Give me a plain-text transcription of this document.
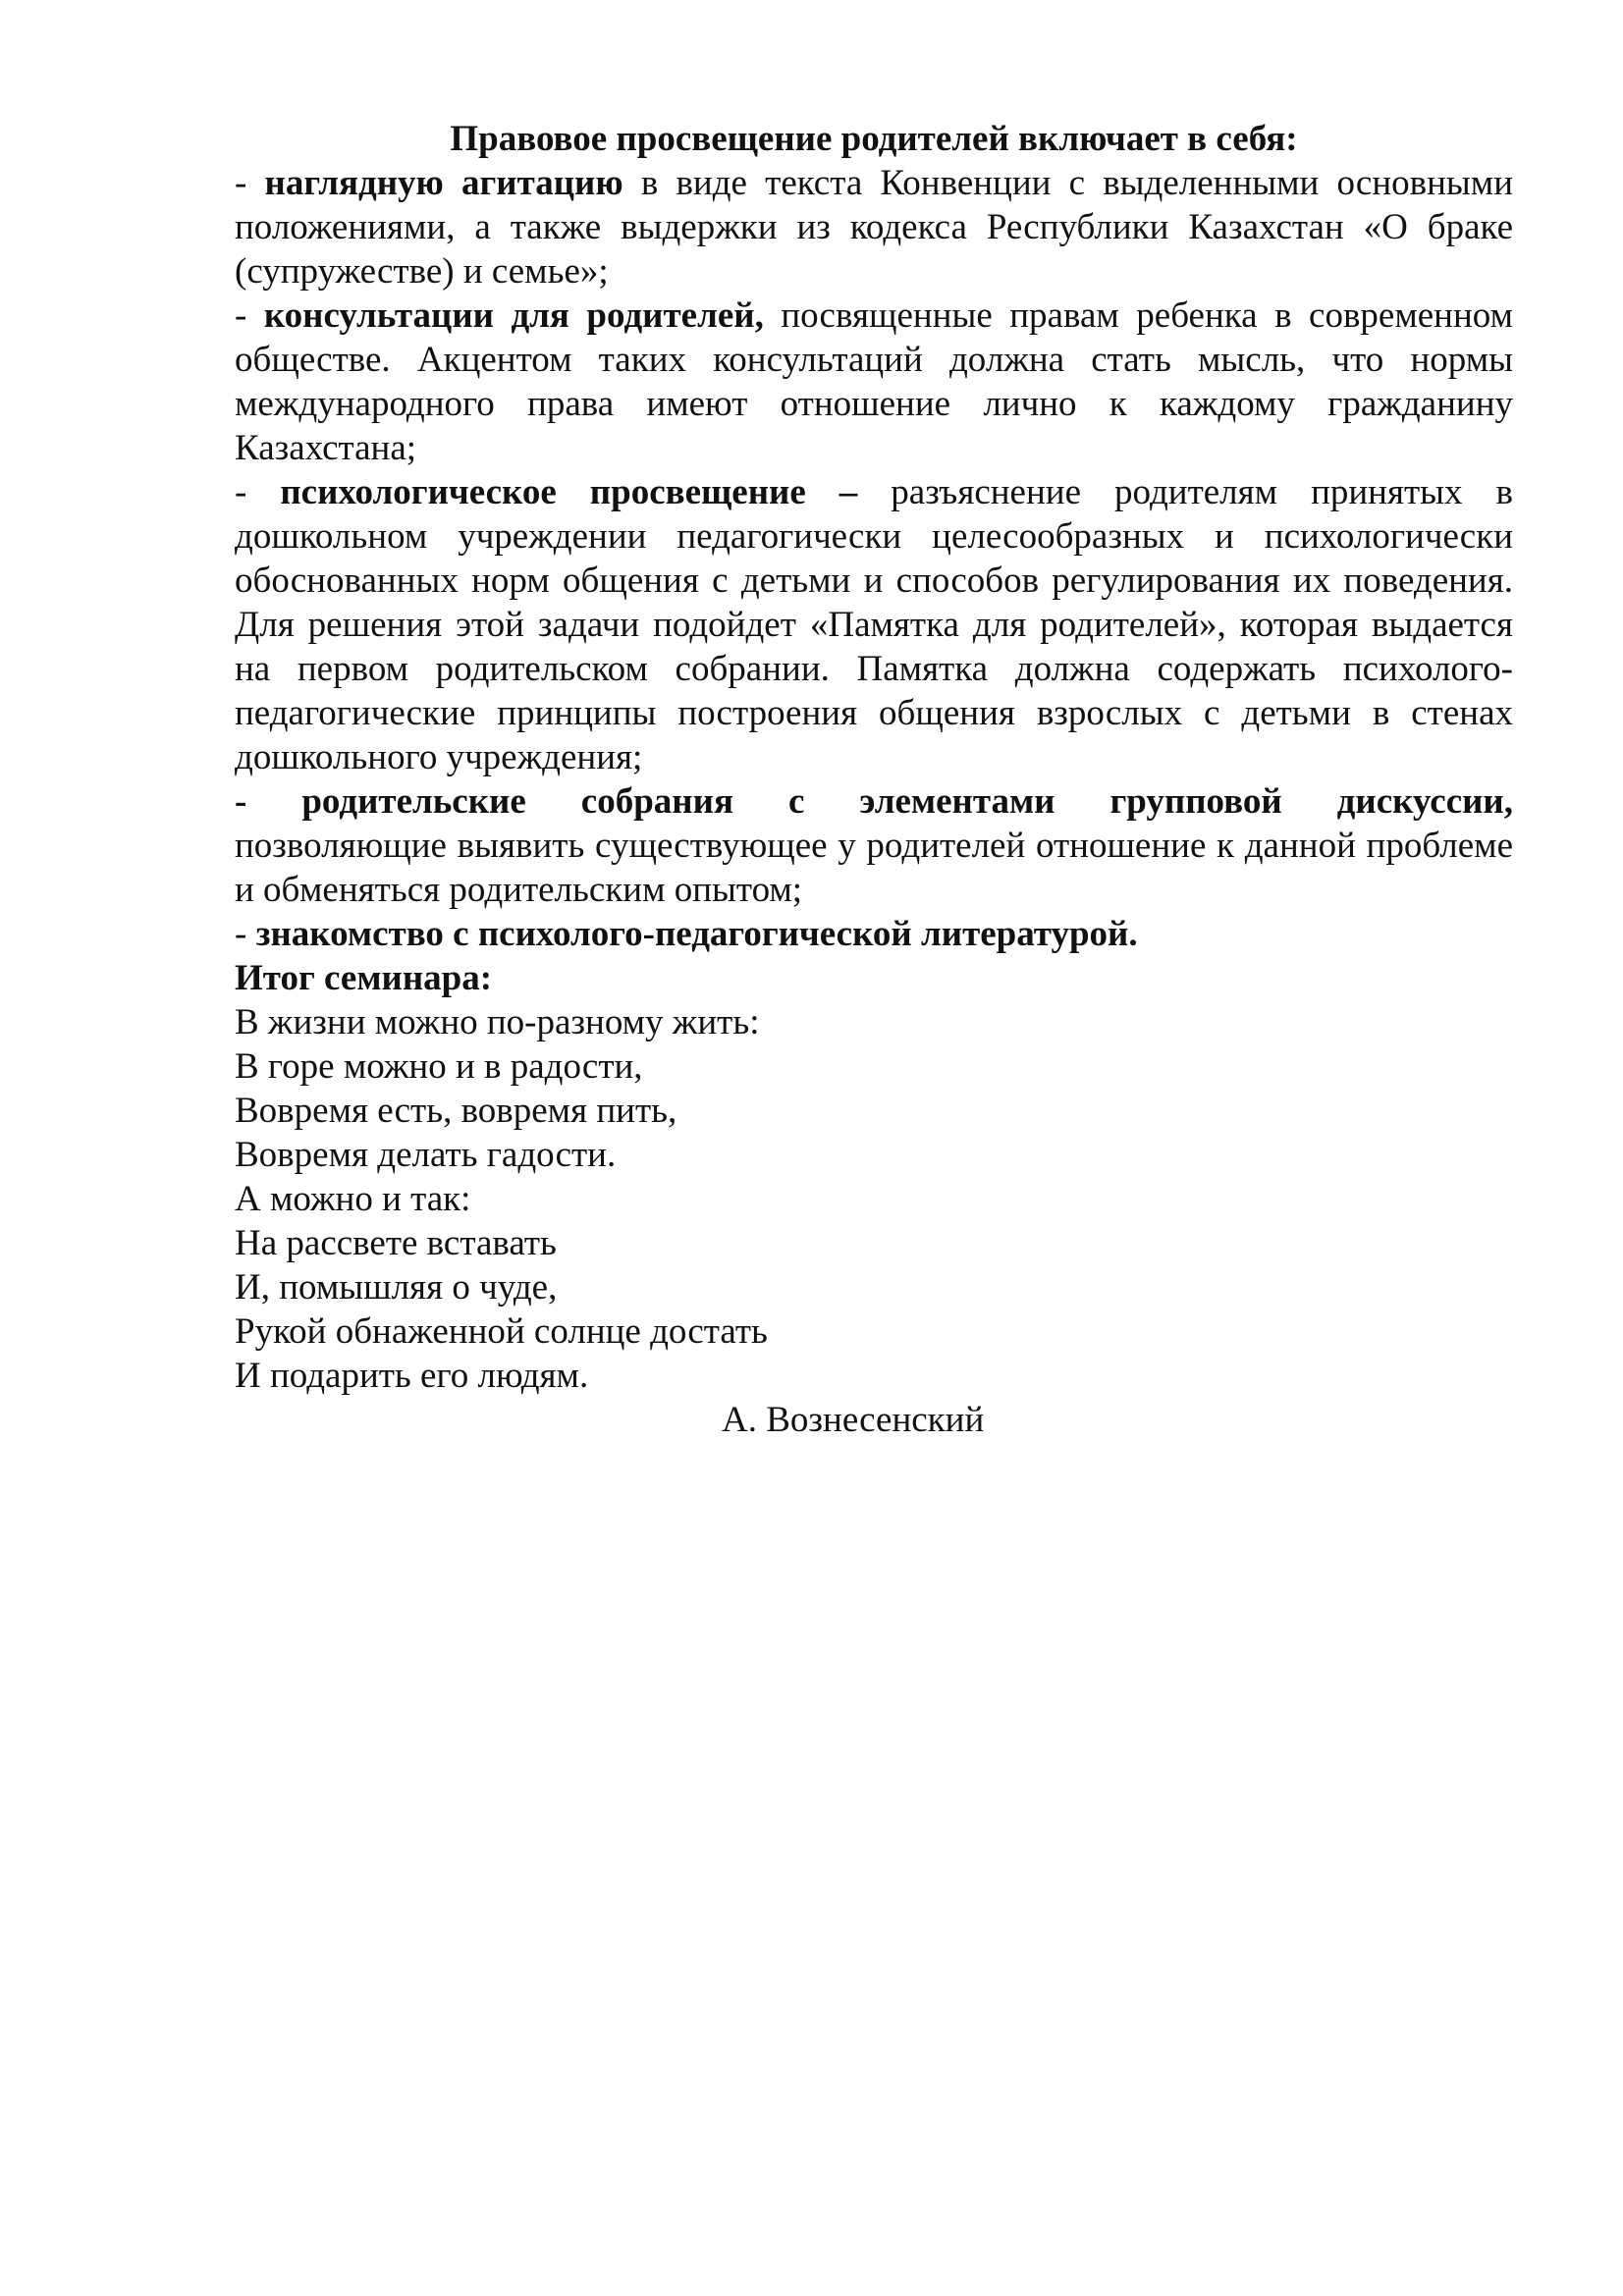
Правовое просвещение родителей включает в себя:

- наглядную агитацию в виде текста Конвенции с выделенными основными положениями, а также выдержки из кодекса Республики Казахстан «О браке (супружестве) и семье»;

- консультации для родителей, посвященные правам ребенка в современном обществе. Акцентом таких консультаций должна стать мысль, что нормы международного права имеют отношение лично к каждому гражданину Казахстана;

- психологическое просвещение – разъяснение родителям принятых в дошкольном учреждении педагогически целесообразных и психологически обоснованных норм общения с детьми и способов регулирования их поведения. Для решения этой задачи подойдет «Памятка для родителей», которая выдается на первом родительском собрании. Памятка должна содержать психолого-педагогические принципы построения общения взрослых с детьми в стенах дошкольного учреждения;

- родительские собрания с элементами групповой дискуссии,
позволяющие выявить существующее у родителей отношение к данной проблеме и обменяться родительским опытом;

- знакомство с психолого-педагогической литературой.

Итог семинара:

В жизни можно по-разному жить:

В горе можно и в радости,

Вовремя есть, вовремя пить,

Вовремя делать гадости.

А можно и так:

На рассвете вставать

И, помышляя о чуде,

Рукой обнаженной солнце достать

И подарить его людям.

А. Вознесенский
